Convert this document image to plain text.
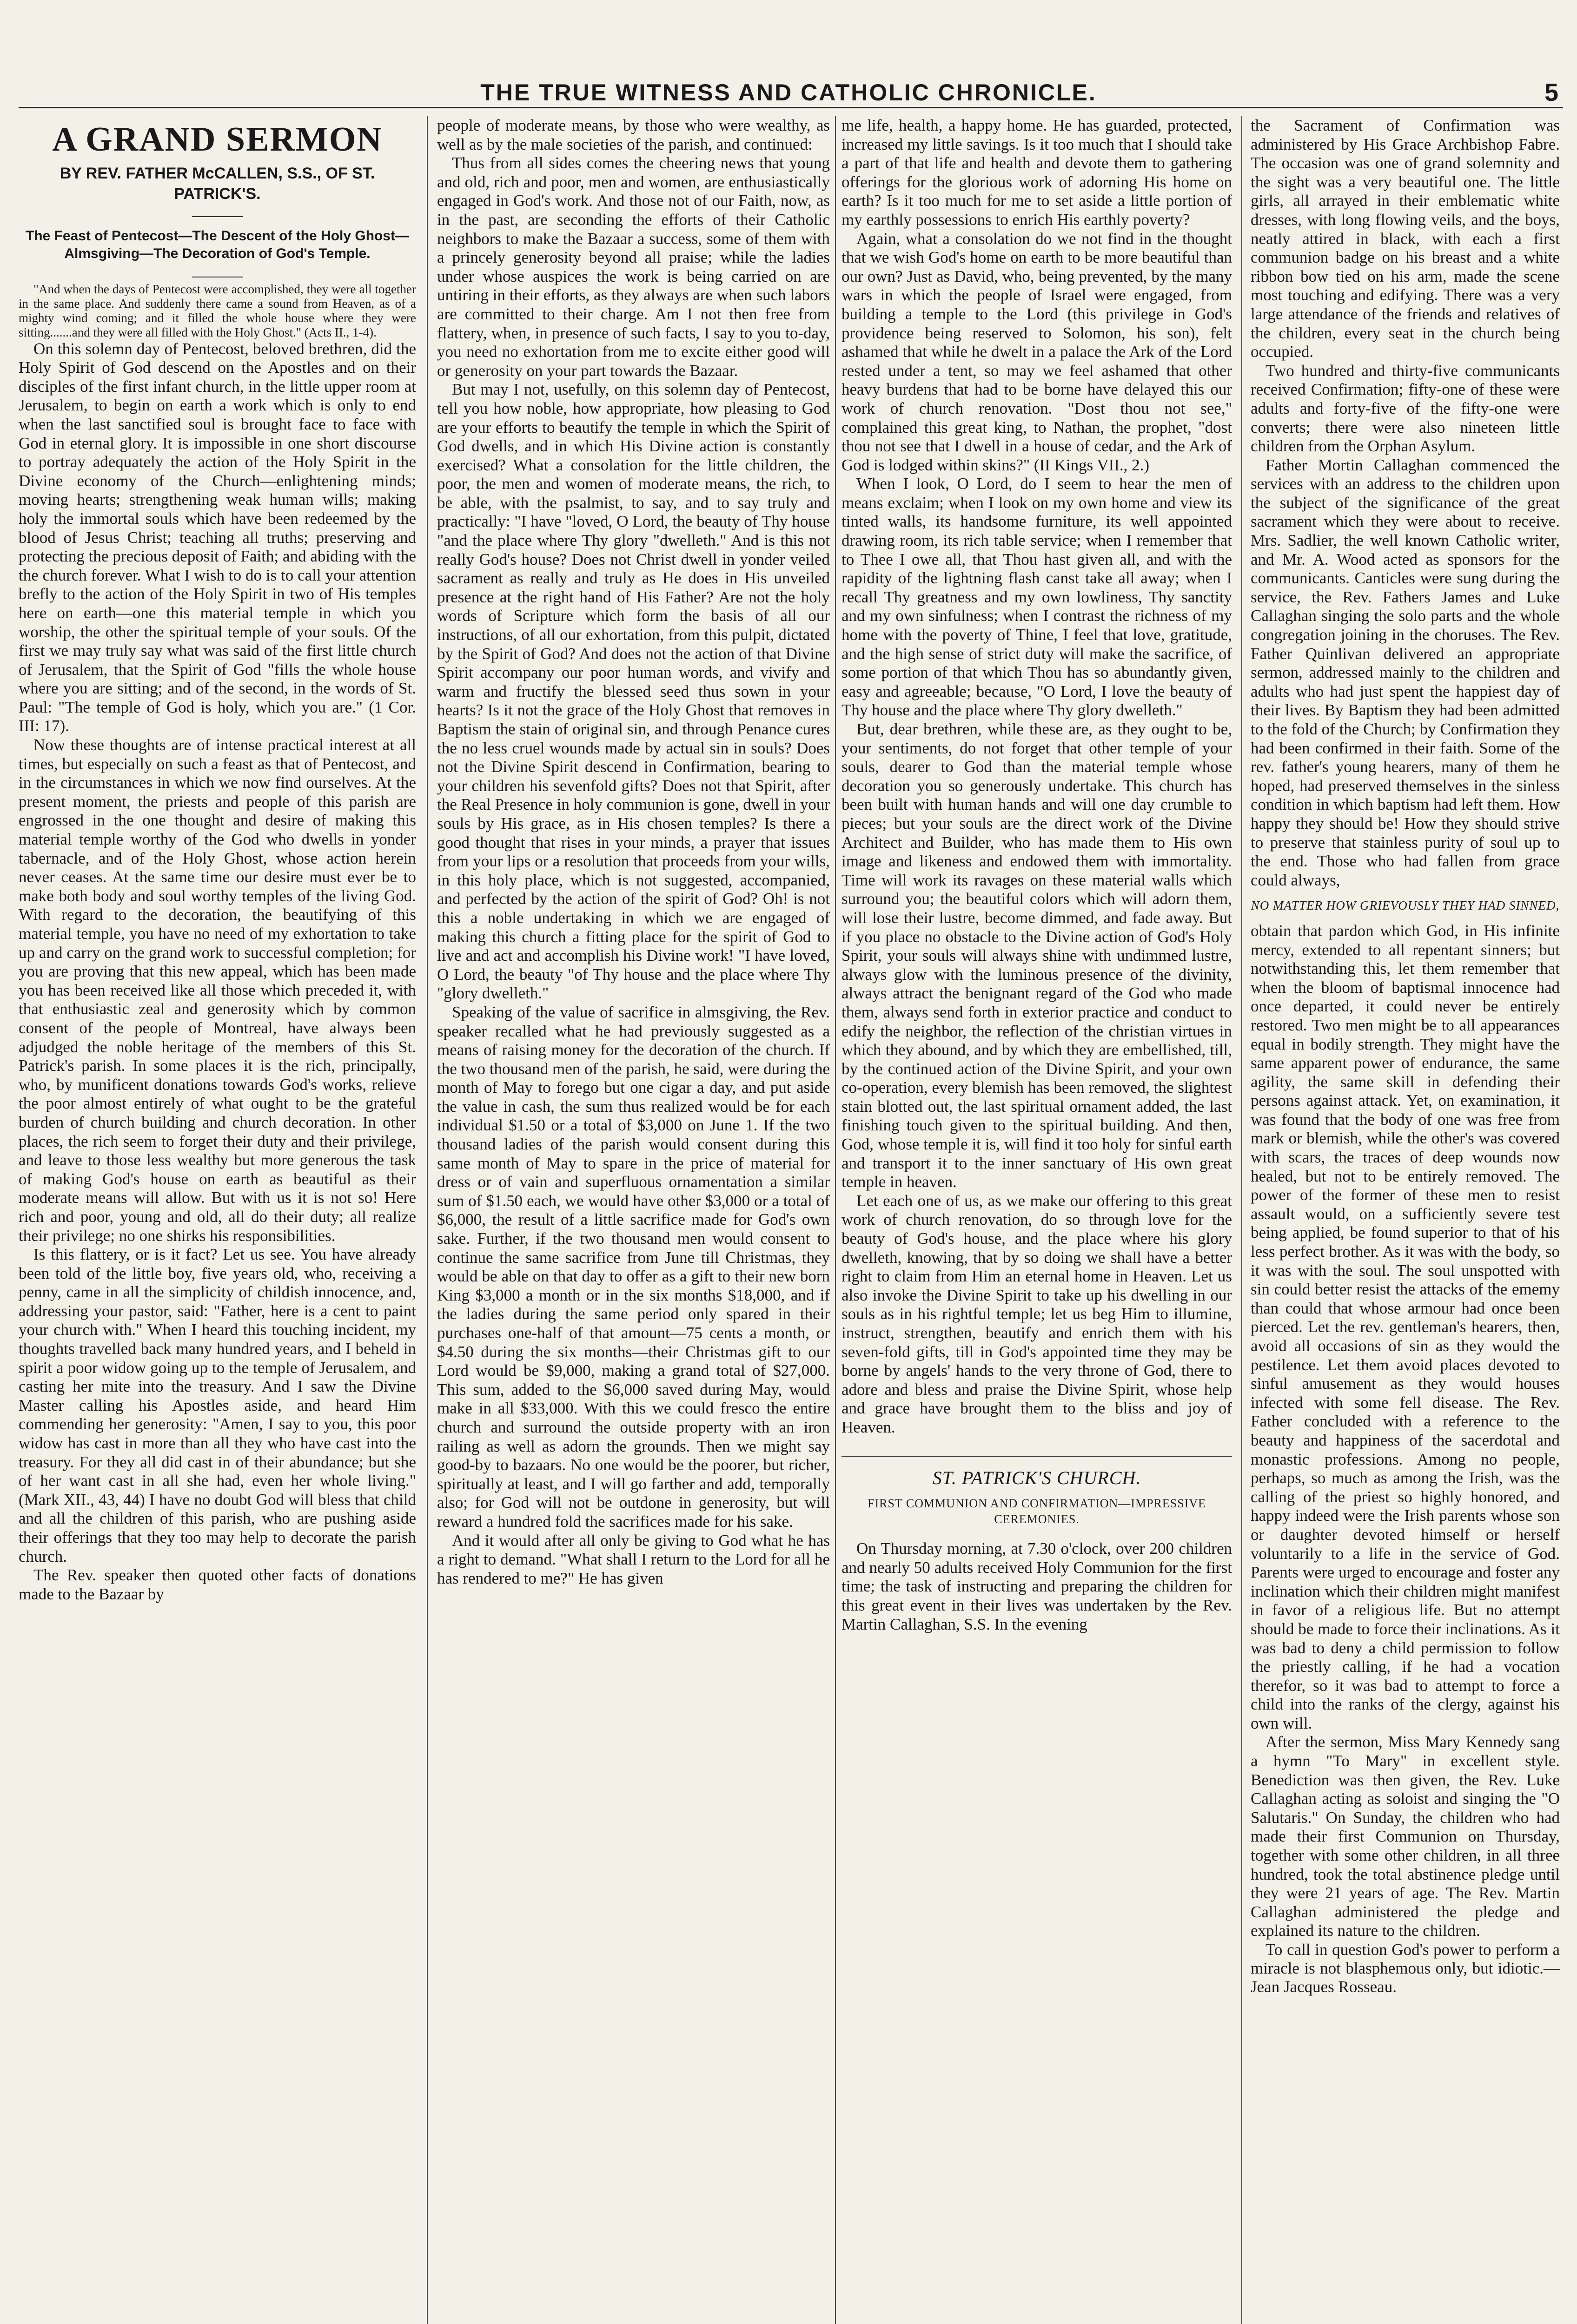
THE TRUE WITNESS AND CATHOLIC CHRONICLE.	5
A GRAND SERMON
BY REV. FATHER McCALLEN, S.S., OF ST. PATRICK'S.
The Feast of Pentecost—The Descent of the Holy Ghost—Almsgiving—The Decoration of God's Temple.

"And when the days of Pentecost were accomplished, they were all together in the same place. And suddenly there came a sound from Heaven, as of a mighty wind coming; and it filled the whole house where they were sitting.......and they were all filled with the Holy Ghost." (Acts II., 1-4).

On this solemn day of Pentecost, beloved brethren, did the Holy Spirit of God descend on the Apostles and on their disciples of the first infant church, in the little upper room at Jerusalem, to begin on earth a work which is only to end when the last sanctified soul is brought face to face with God in eternal glory. It is impossible in one short discourse to portray adequately the action of the Holy Spirit in the Divine economy of the Church—enlightening minds; moving hearts; strengthening weak human wills; making holy the immortal souls which have been redeemed by the blood of Jesus Christ; teaching all truths; preserving and protecting the precious deposit of Faith; and abiding with the the church forever. What I wish to do is to call your attention brefly to the action of the Holy Spirit in two of His temples here on earth—one this material temple in which you worship, the other the spiritual temple of your souls. Of the first we may truly say what was said of the first little church of Jerusalem, that the Spirit of God "fills the whole house where you are sitting; and of the second, in the words of St. Paul: "The temple of God is holy, which you are." (1 Cor. III: 17).

Now these thoughts are of intense practical interest at all times, but especially on such a feast as that of Pentecost, and in the circumstances in which we now find ourselves. At the present moment, the priests and people of this parish are engrossed in the one thought and desire of making this material temple worthy of the God who dwells in yonder tabernacle, and of the Holy Ghost, whose action herein never ceases. At the same time our desire must ever be to make both body and soul worthy temples of the living God. With regard to the decoration, the beautifying of this material temple, you have no need of my exhortation to take up and carry on the grand work to successful completion; for you are proving that this new appeal, which has been made you has been received like all those which preceded it, with that enthusiastic zeal and generosity which by common consent of the people of Montreal, have always been adjudged the noble heritage of the members of this St. Patrick's parish. In some places it is the rich, principally, who, by munificent donations towards God's works, relieve the poor almost entirely of what ought to be the grateful burden of church building and church decoration. In other places, the rich seem to forget their duty and their privilege, and leave to those less wealthy but more generous the task of making God's house on earth as beautiful as their moderate means will allow. But with us it is not so! Here rich and poor, young and old, all do their duty; all realize their privilege; no one shirks his responsibilities.

Is this flattery, or is it fact? Let us see. You have already been told of the little boy, five years old, who, receiving a penny, came in all the simplicity of childish innocence, and, addressing your pastor, said: "Father, here is a cent to paint your church with." When I heard this touching incident, my thoughts travelled back many hundred years, and I beheld in spirit a poor widow going up to the temple of Jerusalem, and casting her mite into the treasury. And I saw the Divine Master calling his Apostles aside, and heard Him commending her generosity: "Amen, I say to you, this poor widow has cast in more than all they who have cast into the treasury. For they all did cast in of their abundance; but she of her want cast in all she had, even her whole living." (Mark XII., 43, 44) I have no doubt God will bless that child and all the children of this parish, who are pushing aside their offerings that they too may help to decorate the parish church.

The Rev. speaker then quoted other facts of donations made to the Bazaar by

people of moderate means, by those who were wealthy, as well as by the male societies of the parish, and continued:

Thus from all sides comes the cheering news that young and old, rich and poor, men and women, are enthusiastically engaged in God's work. And those not of our Faith, now, as in the past, are seconding the efforts of their Catholic neighbors to make the Bazaar a success, some of them with a princely generosity beyond all praise; while the ladies under whose auspices the work is being carried on are untiring in their efforts, as they always are when such labors are committed to their charge. Am I not then free from flattery, when, in presence of such facts, I say to you to-day, you need no exhortation from me to excite either good will or generosity on your part towards the Bazaar.

But may I not, usefully, on this solemn day of Pentecost, tell you how noble, how appropriate, how pleasing to God are your efforts to beautify the temple in which the Spirit of God dwells, and in which His Divine action is constantly exercised? What a consolation for the little children, the poor, the men and women of moderate means, the rich, to be able, with the psalmist, to say, and to say truly and practically: "I have "loved, O Lord, the beauty of Thy house "and the place where Thy glory "dwelleth." And is this not really God's house? Does not Christ dwell in yonder veiled sacrament as really and truly as He does in His unveiled presence at the right hand of His Father? Are not the holy words of Scripture which form the basis of all our instructions, of all our exhortation, from this pulpit, dictated by the Spirit of God? And does not the action of that Divine Spirit accompany our poor human words, and vivify and warm and fructify the blessed seed thus sown in your hearts? Is it not the grace of the Holy Ghost that removes in Baptism the stain of original sin, and through Penance cures the no less cruel wounds made by actual sin in souls? Does not the Divine Spirit descend in Confirmation, bearing to your children his sevenfold gifts? Does not that Spirit, after the Real Presence in holy communion is gone, dwell in your souls by His grace, as in His chosen temples? Is there a good thought that rises in your minds, a prayer that issues from your lips or a resolution that proceeds from your wills, in this holy place, which is not suggested, accompanied, and perfected by the action of the spirit of God? Oh! is not this a noble undertaking in which we are engaged of making this church a fitting place for the spirit of God to live and act and accomplish his Divine work! "I have loved, O Lord, the beauty "of Thy house and the place where Thy "glory dwelleth."

Speaking of the value of sacrifice in almsgiving, the Rev. speaker recalled what he had previously suggested as a means of raising money for the decoration of the church. If the two thousand men of the parish, he said, were during the month of May to forego but one cigar a day, and put aside the value in cash, the sum thus realized would be for each individual $1.50 or a total of $3,000 on June 1. If the two thousand ladies of the parish would consent during this same month of May to spare in the price of material for dress or of vain and superfluous ornamentation a similar sum of $1.50 each, we would have other $3,000 or a total of $6,000, the result of a little sacrifice made for God's own sake. Further, if the two thousand men would consent to continue the same sacrifice from June till Christmas, they would be able on that day to offer as a gift to their new born King $3,000 a month or in the six months $18,000, and if the ladies during the same period only spared in their purchases one-half of that amount—75 cents a month, or $4.50 during the six months—their Christmas gift to our Lord would be $9,000, making a grand total of $27,000. This sum, added to the $6,000 saved during May, would make in all $33,000. With this we could fresco the entire church and surround the outside property with an iron railing as well as adorn the grounds. Then we might say good-by to bazaars. No one would be the poorer, but richer, spiritually at least, and I will go farther and add, temporally also; for God will not be outdone in generosity, but will reward a hundred fold the sacrifices made for his sake.

And it would after all only be giving to God what he has a right to demand. "What shall I return to the Lord for all he has rendered to me?" He has given

me life, health, a happy home. He has guarded, protected, increased my little savings. Is it too much that I should take a part of that life and health and devote them to gathering offerings for the glorious work of adorning His home on earth? Is it too much for me to set aside a little portion of my earthly possessions to enrich His earthly poverty?

Again, what a consolation do we not find in the thought that we wish God's home on earth to be more beautiful than our own? Just as David, who, being prevented, by the many wars in which the people of Israel were engaged, from building a temple to the Lord (this privilege in God's providence being reserved to Solomon, his son), felt ashamed that while he dwelt in a palace the Ark of the Lord rested under a tent, so may we feel ashamed that other heavy burdens that had to be borne have delayed this our work of church renovation. "Dost thou not see," complained this great king, to Nathan, the prophet, "dost thou not see that I dwell in a house of cedar, and the Ark of God is lodged within skins?" (II Kings VII., 2.)

When I look, O Lord, do I seem to hear the men of means exclaim; when I look on my own home and view its tinted walls, its handsome furniture, its well appointed drawing room, its rich table service; when I remember that to Thee I owe all, that Thou hast given all, and with the rapidity of the lightning flash canst take all away; when I recall Thy greatness and my own lowliness, Thy sanctity and my own sinfulness; when I contrast the richness of my home with the poverty of Thine, I feel that love, gratitude, and the high sense of strict duty will make the sacrifice, of some portion of that which Thou has so abundantly given, easy and agreeable; because, "O Lord, I love the beauty of Thy house and the place where Thy glory dwelleth."

But, dear brethren, while these are, as they ought to be, your sentiments, do not forget that other temple of your souls, dearer to God than the material temple whose decoration you so generously undertake. This church has been built with human hands and will one day crumble to pieces; but your souls are the direct work of the Divine Architect and Builder, who has made them to His own image and likeness and endowed them with immortality. Time will work its ravages on these material walls which surround you; the beautiful colors which will adorn them, will lose their lustre, become dimmed, and fade away. But if you place no obstacle to the Divine action of God's Holy Spirit, your souls will always shine with undimmed lustre, always glow with the luminous presence of the divinity, always attract the benignant regard of the God who made them, always send forth in exterior practice and conduct to edify the neighbor, the reflection of the christian virtues in which they abound, and by which they are embellished, till, by the continued action of the Divine Spirit, and your own co-operation, every blemish has been removed, the slightest stain blotted out, the last spiritual ornament added, the last finishing touch given to the spiritual building. And then, God, whose temple it is, will find it too holy for sinful earth and transport it to the inner sanctuary of His own great temple in heaven.

Let each one of us, as we make our offering to this great work of church renovation, do so through love for the beauty of God's house, and the place where his glory dwelleth, knowing, that by so doing we shall have a better right to claim from Him an eternal home in Heaven. Let us also invoke the Divine Spirit to take up his dwelling in our souls as in his rightful temple; let us beg Him to illumine, instruct, strengthen, beautify and enrich them with his seven-fold gifts, till in God's appointed time they may be borne by angels' hands to the very throne of God, there to adore and bless and praise the Divine Spirit, whose help and grace have brought them to the bliss and joy of Heaven.

ST. PATRICK'S CHURCH.
FIRST COMMUNION AND CONFIRMATION—IMPRESSIVE CEREMONIES.

On Thursday morning, at 7.30 o'clock, over 200 children and nearly 50 adults received Holy Communion for the first time; the task of instructing and preparing the children for this great event in their lives was undertaken by the Rev. Martin Callaghan, S.S. In the evening

the Sacrament of Confirmation was administered by His Grace Archbishop Fabre. The occasion was one of grand solemnity and the sight was a very beautiful one. The little girls, all arrayed in their emblematic white dresses, with long flowing veils, and the boys, neatly attired in black, with each a first communion badge on his breast and a white ribbon bow tied on his arm, made the scene most touching and edifying. There was a very large attendance of the friends and relatives of the children, every seat in the church being occupied.

Two hundred and thirty-five communicants received Confirmation; fifty-one of these were adults and forty-five of the fifty-one were converts; there were also nineteen little children from the Orphan Asylum.

Father Mortin Callaghan commenced the services with an address to the children upon the subject of the significance of the great sacrament which they were about to receive. Mrs. Sadlier, the well known Catholic writer, and Mr. A. Wood acted as sponsors for the communicants. Canticles were sung during the service, the Rev. Fathers James and Luke Callaghan singing the solo parts and the whole congregation joining in the choruses. The Rev. Father Quinlivan delivered an appropriate sermon, addressed mainly to the children and adults who had just spent the happiest day of their lives. By Baptism they had been admitted to the fold of the Church; by Confirmation they had been confirmed in their faith. Some of the rev. father's young hearers, many of them he hoped, had preserved themselves in the sinless condition in which baptism had left them. How happy they should be! How they should strive to preserve that stainless purity of soul up to the end. Those who had fallen from grace could always,

NO MATTER HOW GRIEVOUSLY THEY HAD SINNED,

obtain that pardon which God, in His infinite mercy, extended to all repentant sinners; but notwithstanding this, let them remember that when the bloom of baptismal innocence had once departed, it could never be entirely restored. Two men might be to all appearances equal in bodily strength. They might have the same apparent power of endurance, the same agility, the same skill in defending their persons against attack. Yet, on examination, it was found that the body of one was free from mark or blemish, while the other's was covered with scars, the traces of deep wounds now healed, but not to be entirely removed. The power of the former of these men to resist assault would, on a sufficiently severe test being applied, be found superior to that of his less perfect brother. As it was with the body, so it was with the soul. The soul unspotted with sin could better resist the attacks of the ememy than could that whose armour had once been pierced. Let the rev. gentleman's hearers, then, avoid all occasions of sin as they would the pestilence. Let them avoid places devoted to sinful amusement as they would houses infected with some fell disease. The Rev. Father concluded with a reference to the beauty and happiness of the sacerdotal and monastic professions. Among no people, perhaps, so much as among the Irish, was the calling of the priest so highly honored, and happy indeed were the Irish parents whose son or daughter devoted himself or herself voluntarily to a life in the service of God. Parents were urged to encourage and foster any inclination which their children might manifest in favor of a religious life. But no attempt should be made to force their inclinations. As it was bad to deny a child permission to follow the priestly calling, if he had a vocation therefor, so it was bad to attempt to force a child into the ranks of the clergy, against his own will.

After the sermon, Miss Mary Kennedy sang a hymn "To Mary" in excellent style. Benediction was then given, the Rev. Luke Callaghan acting as soloist and singing the "O Salutaris." On Sunday, the children who had made their first Communion on Thursday, together with some other children, in all three hundred, took the total abstinence pledge until they were 21 years of age. The Rev. Martin Callaghan administered the pledge and explained its nature to the children.

To call in question God's power to perform a miracle is not blasphemous only, but idiotic.—Jean Jacques Rosseau.
